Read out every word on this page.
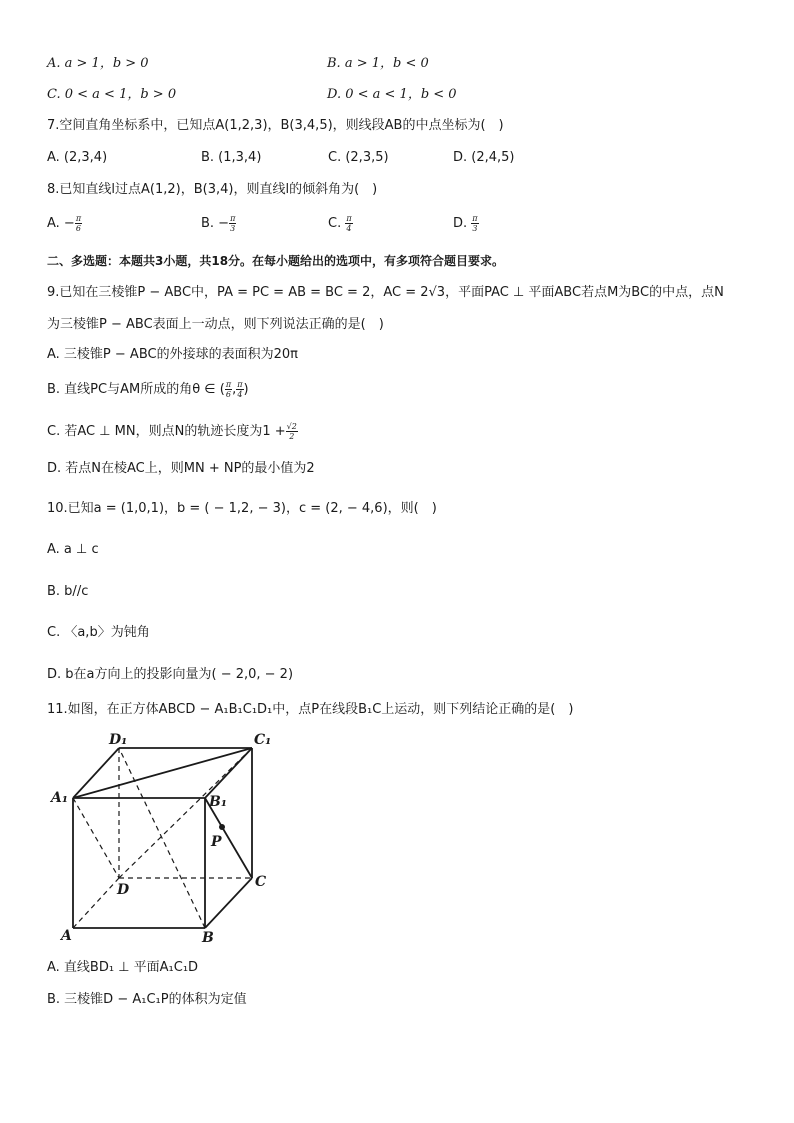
A. a > 1，b > 0	B. a > 1，b < 0
C. 0 < a < 1，b > 0	D. 0 < a < 1，b < 0
7.空间直角坐标系中，已知点A(1,2,3)，B(3,4,5)，则线段AB的中点坐标为(　)
A. (2,3,4)	B. (1,3,4)	C. (2,3,5)	D. (2,4,5)
8.已知直线l过点A(1,2)，B(3,4)，则直线l的倾斜角为(　)
A. − $\frac{\pi}{6}$	B. − $\frac{\pi}{3}$	C. $\frac{\pi}{4}$	D. $\frac{\pi}{3}$
二、多选题：本题共3小题，共18分。在每小题给出的选项中，有多项符合题目要求。
9.已知在三棱锥P − ABC中，PA = PC = AB = BC = 2，AC = 2√3，平面PAC ⊥ 平面ABC若点M为BC的中点，点N
为三棱锥P − ABC表面上一动点，则下列说法正确的是(　)
A. 三棱锥P − ABC的外接球的表面积为20π
B. 直线PC与AM所成的角θ ∈ ( $\frac{\pi}{6}$ , $\frac{\pi}{4}$ )
C. 若AC ⊥ MN，则点N的轨迹长度为$1 + \frac{√2}{2}$
D. 若点N在棱AC上，则MN + NP的最小值为2
10.已知a = (1,0,1)，b = ( − 1,2, − 3)，c = (2, − 4,6)，则(　)
A. a ⊥ c
B. b//c
C. 〈a,b〉为钝角
D. b在a方向上的投影向量为( − 2,0, − 2)
11.如图，在正方体ABCD − A₁B₁C₁D₁中，点P在线段B₁C上运动，则下列结论正确的是(　)
D₁	C₁
A₁	B₁
P
D	C
A	B
A. 直线BD₁ ⊥ 平面A₁C₁D
B. 三棱锥D − A₁C₁P的体积为定值
